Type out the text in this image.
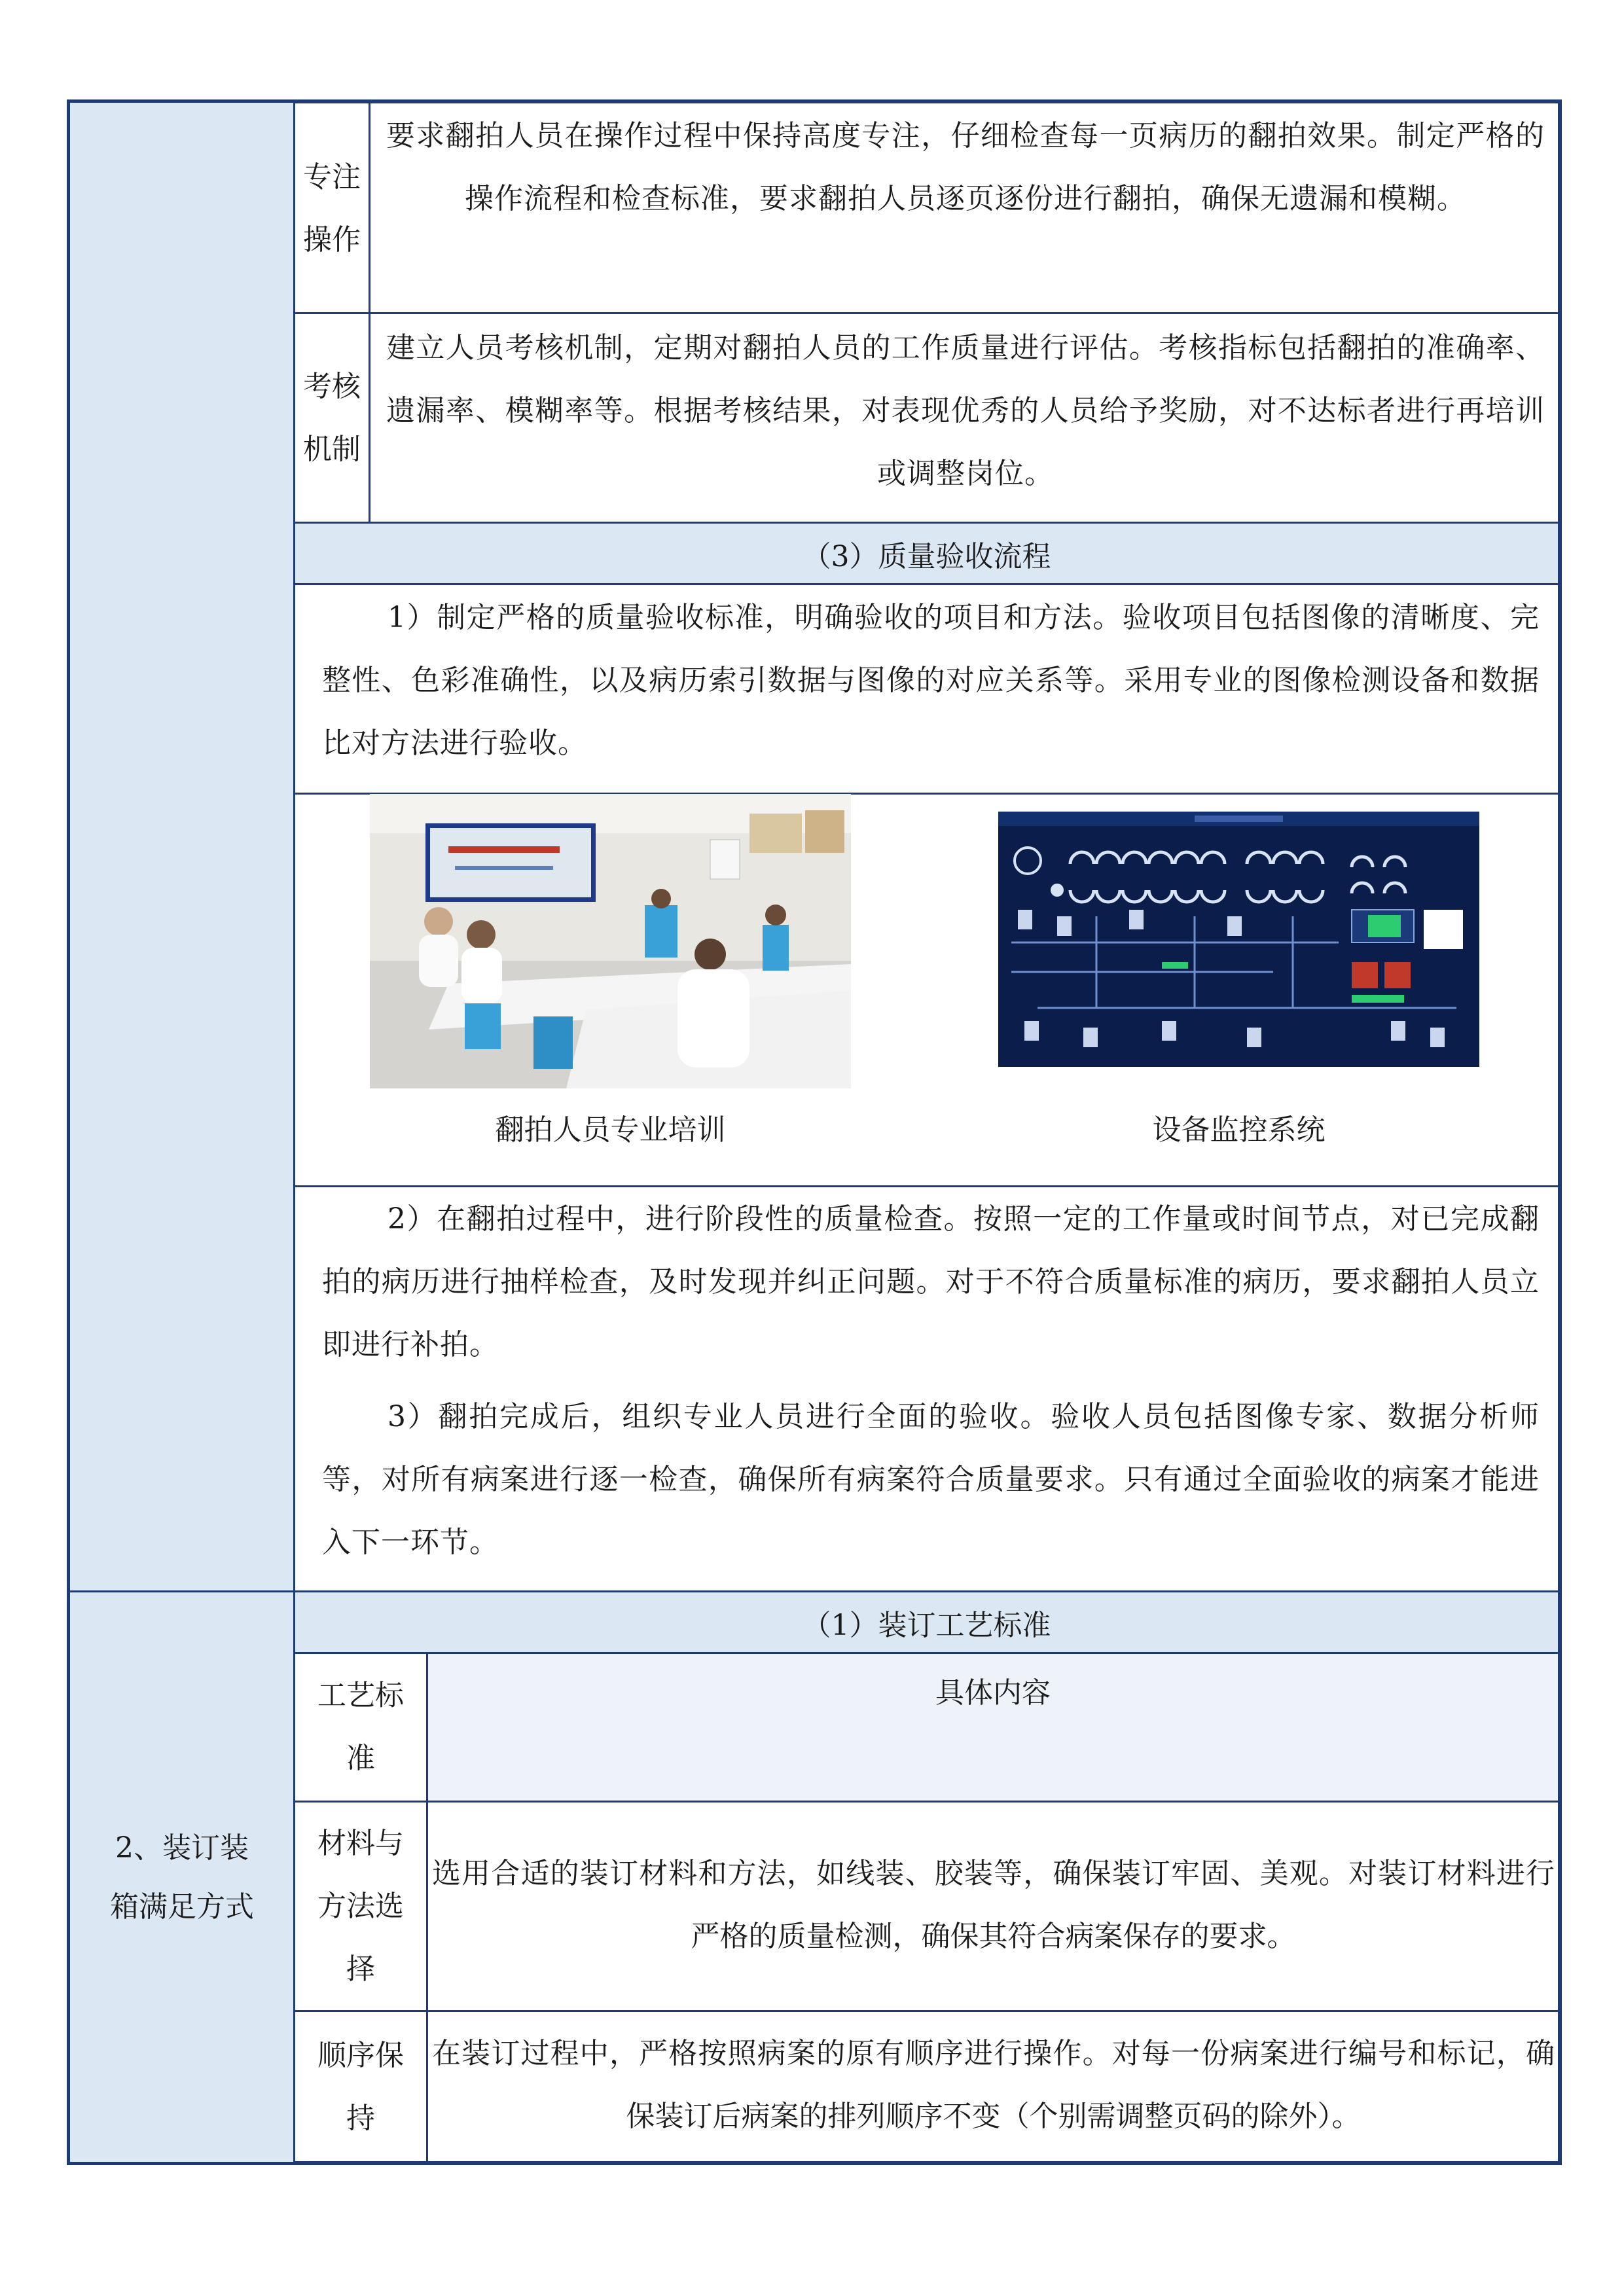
专注
操作
要求翻拍人员在操作过程中保持高度专注，仔细检查每一页病历的翻拍效果。制定严格的操作流程和检查标准，要求翻拍人员逐页逐份进行翻拍，确保无遗漏和模糊。
考核
机制
建立人员考核机制，定期对翻拍人员的工作质量进行评估。考核指标包括翻拍的准确率、遗漏率、模糊率等。根据考核结果，对表现优秀的人员给予奖励，对不达标者进行再培训或调整岗位。
（3）质量验收流程
1）制定严格的质量验收标准，明确验收的项目和方法。验收项目包括图像的清晰度、完整性、色彩准确性，以及病历索引数据与图像的对应关系等。采用专业的图像检测设备和数据比对方法进行验收。
翻拍人员专业培训	设备监控系统
2）在翻拍过程中，进行阶段性的质量检查。按照一定的工作量或时间节点，对已完成翻拍的病历进行抽样检查，及时发现并纠正问题。对于不符合质量标准的病历，要求翻拍人员立即进行补拍。
3）翻拍完成后，组织专业人员进行全面的验收。验收人员包括图像专家、数据分析师等，对所有病案进行逐一检查，确保所有病案符合质量要求。只有通过全面验收的病案才能进入下一环节。
2、装订装
箱满足方式
（1）装订工艺标准
工艺标
准
具体内容
材料与
方法选
择
选用合适的装订材料和方法，如线装、胶装等，确保装订牢固、美观。对装订材料进行严格的质量检测，确保其符合病案保存的要求。
顺序保
持
在装订过程中，严格按照病案的原有顺序进行操作。对每一份病案进行编号和标记，确保装订后病案的排列顺序不变（个别需调整页码的除外）。
